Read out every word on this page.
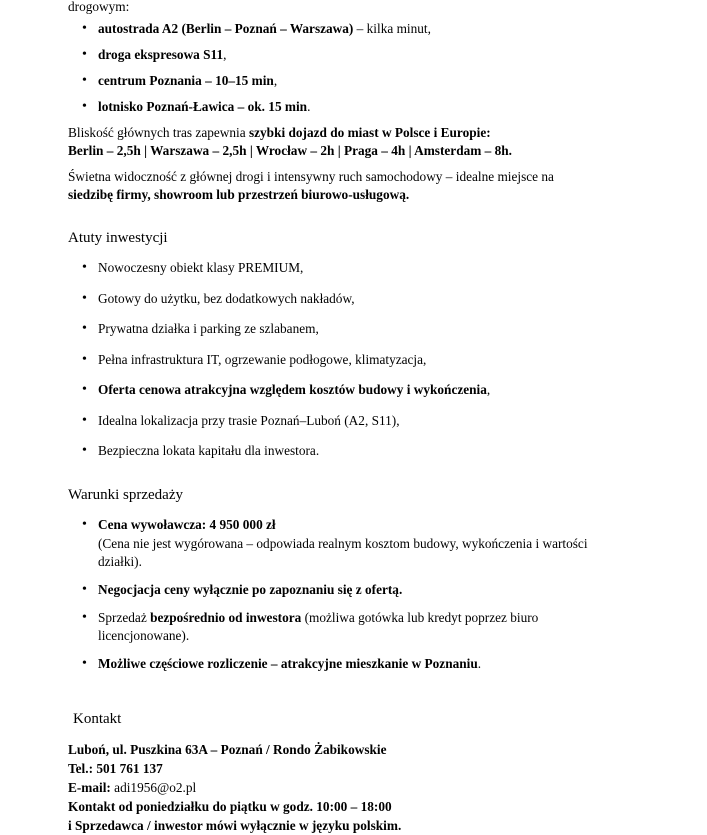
drogowym:

• autostrada A2 (Berlin – Poznań – Warszawa) – kilka minut,
• droga ekspresowa S11,
• centrum Poznania – 10–15 min,
• lotnisko Poznań-Ławica – ok. 15 min.

Bliskość głównych tras zapewnia szybki dojazd do miast w Polsce i Europie:

Berlin – 2,5h | Warszawa – 2,5h | Wrocław – 2h | Praga – 4h | Amsterdam – 8h.

Świetna widoczność z głównej drogi i intensywny ruch samochodowy – idealne miejsce na

siedzibę firmy, showroom lub przestrzeń biurowo-usługową.

Atuty inwestycji
• Nowoczesny obiekt klasy PREMIUM,
• Gotowy do użytku, bez dodatkowych nakładów,
• Prywatna działka i parking ze szlabanem,
• Pełna infrastruktura IT, ogrzewanie podłogowe, klimatyzacja,
• Oferta cenowa atrakcyjna względem kosztów budowy i wykończenia,
• Idealna lokalizacja przy trasie Poznań–Luboń (A2, S11),
• Bezpieczna lokata kapitału dla inwestora.
Warunki sprzedaży
• Cena wywoławcza: 4 950 000 zł
(Cena nie jest wygórowana – odpowiada realnym kosztom budowy, wykończenia i wartości
działki).
• Negocjacja ceny wyłącznie po zapoznaniu się z ofertą.
• Sprzedaż bezpośrednio od inwestora (możliwa gotówka lub kredyt poprzez biuro
licencjonowane).
• Możliwe częściowe rozliczenie – atrakcyjne mieszkanie w Poznaniu.
Kontakt

Luboń, ul. Puszkina 63A – Poznań / Rondo Żabikowskie

Tel.: 501 761 137

E-mail: adi1956@o2.pl

Kontakt od poniedziałku do piątku w godz. 10:00 – 18:00

i Sprzedawca / inwestor mówi wyłącznie w języku polskim.
